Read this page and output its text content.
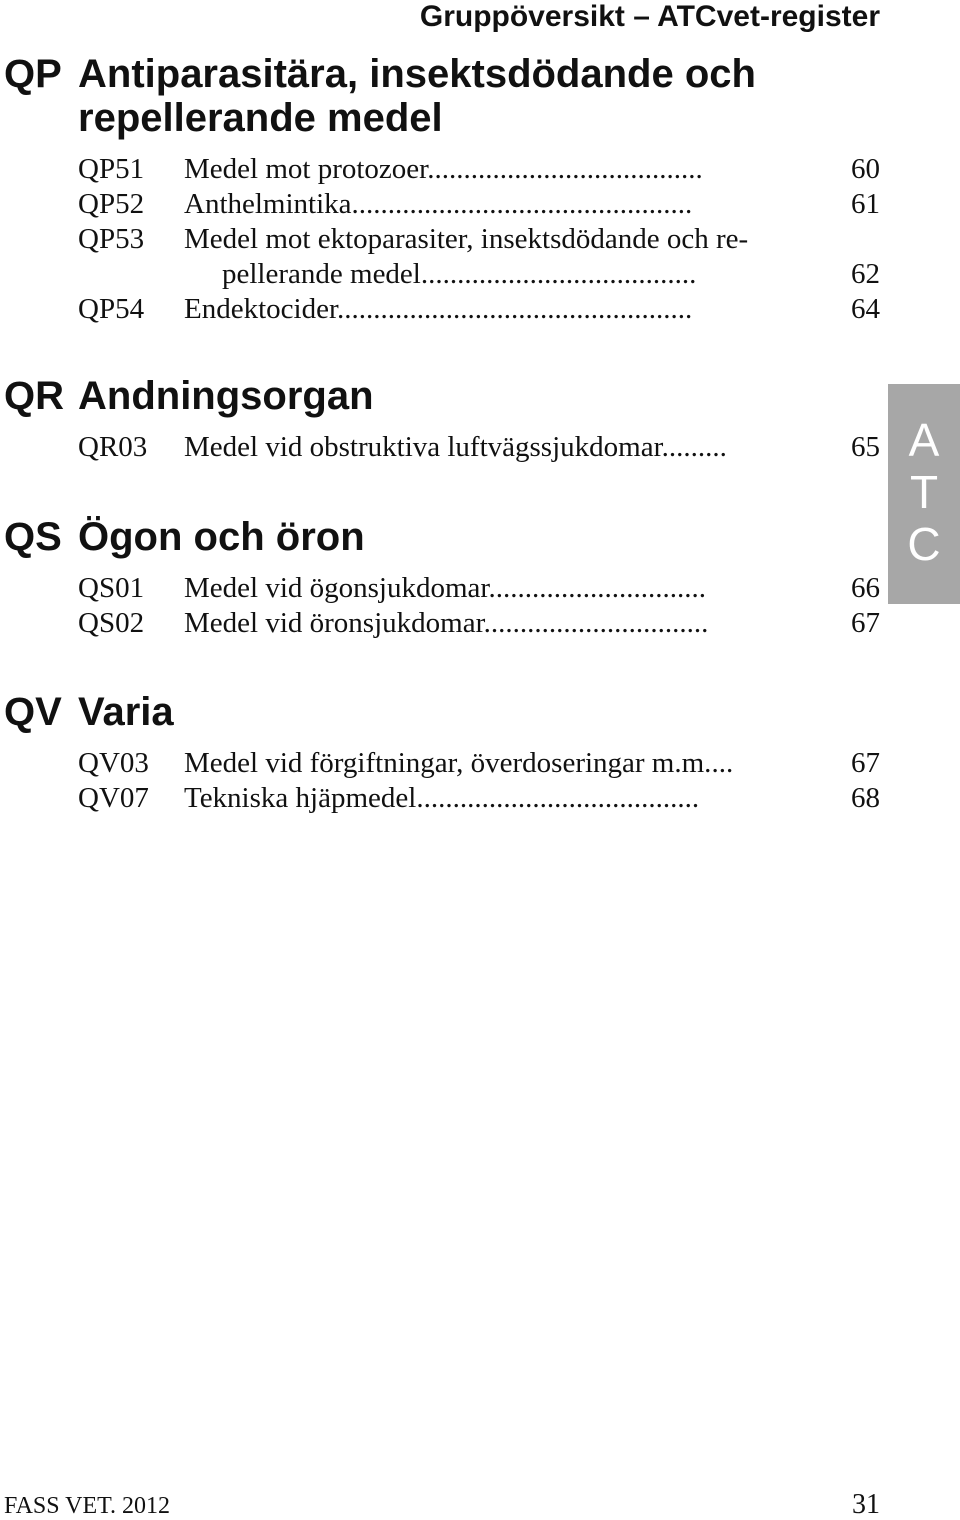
Gruppöversikt – ATCvet-register
QP Antiparasitära, insektsdödande och
repellerande medel
QP51 Medel mot protozoer......................................	60
QP52 Anthelmintika...............................................	61
QP53 Medel mot ektoparasiter, insektsdödande och re-
pellerande medel......................................	62
QP54 Endektocider.................................................	64
QR Andningsorgan
QR03 Medel vid obstruktiva luftvägssjukdomar.........	65
QS Ögon och öron
QS01 Medel vid ögonsjukdomar..............................	66
QS02 Medel vid öronsjukdomar...............................	67
QV Varia
QV03 Medel vid förgiftningar, överdoseringar m.m....	67
QV07 Tekniska hjäpmedel.......................................	68
A
T
C
FASS VET. 2012	31
